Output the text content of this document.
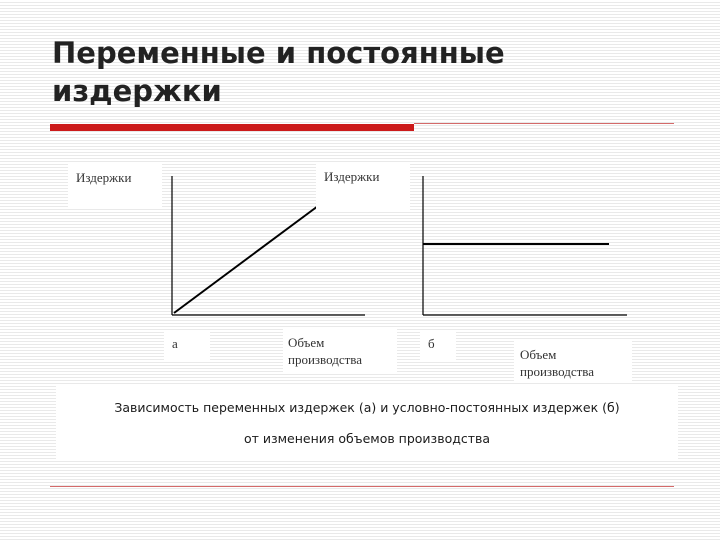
Переменные и постоянные издержки
Издержки	Издержки
а	Объем производства
б
Объем производства
Зависимость переменных издержек (а) и условно-постоянных издержек (б)
от изменения объемов производства
